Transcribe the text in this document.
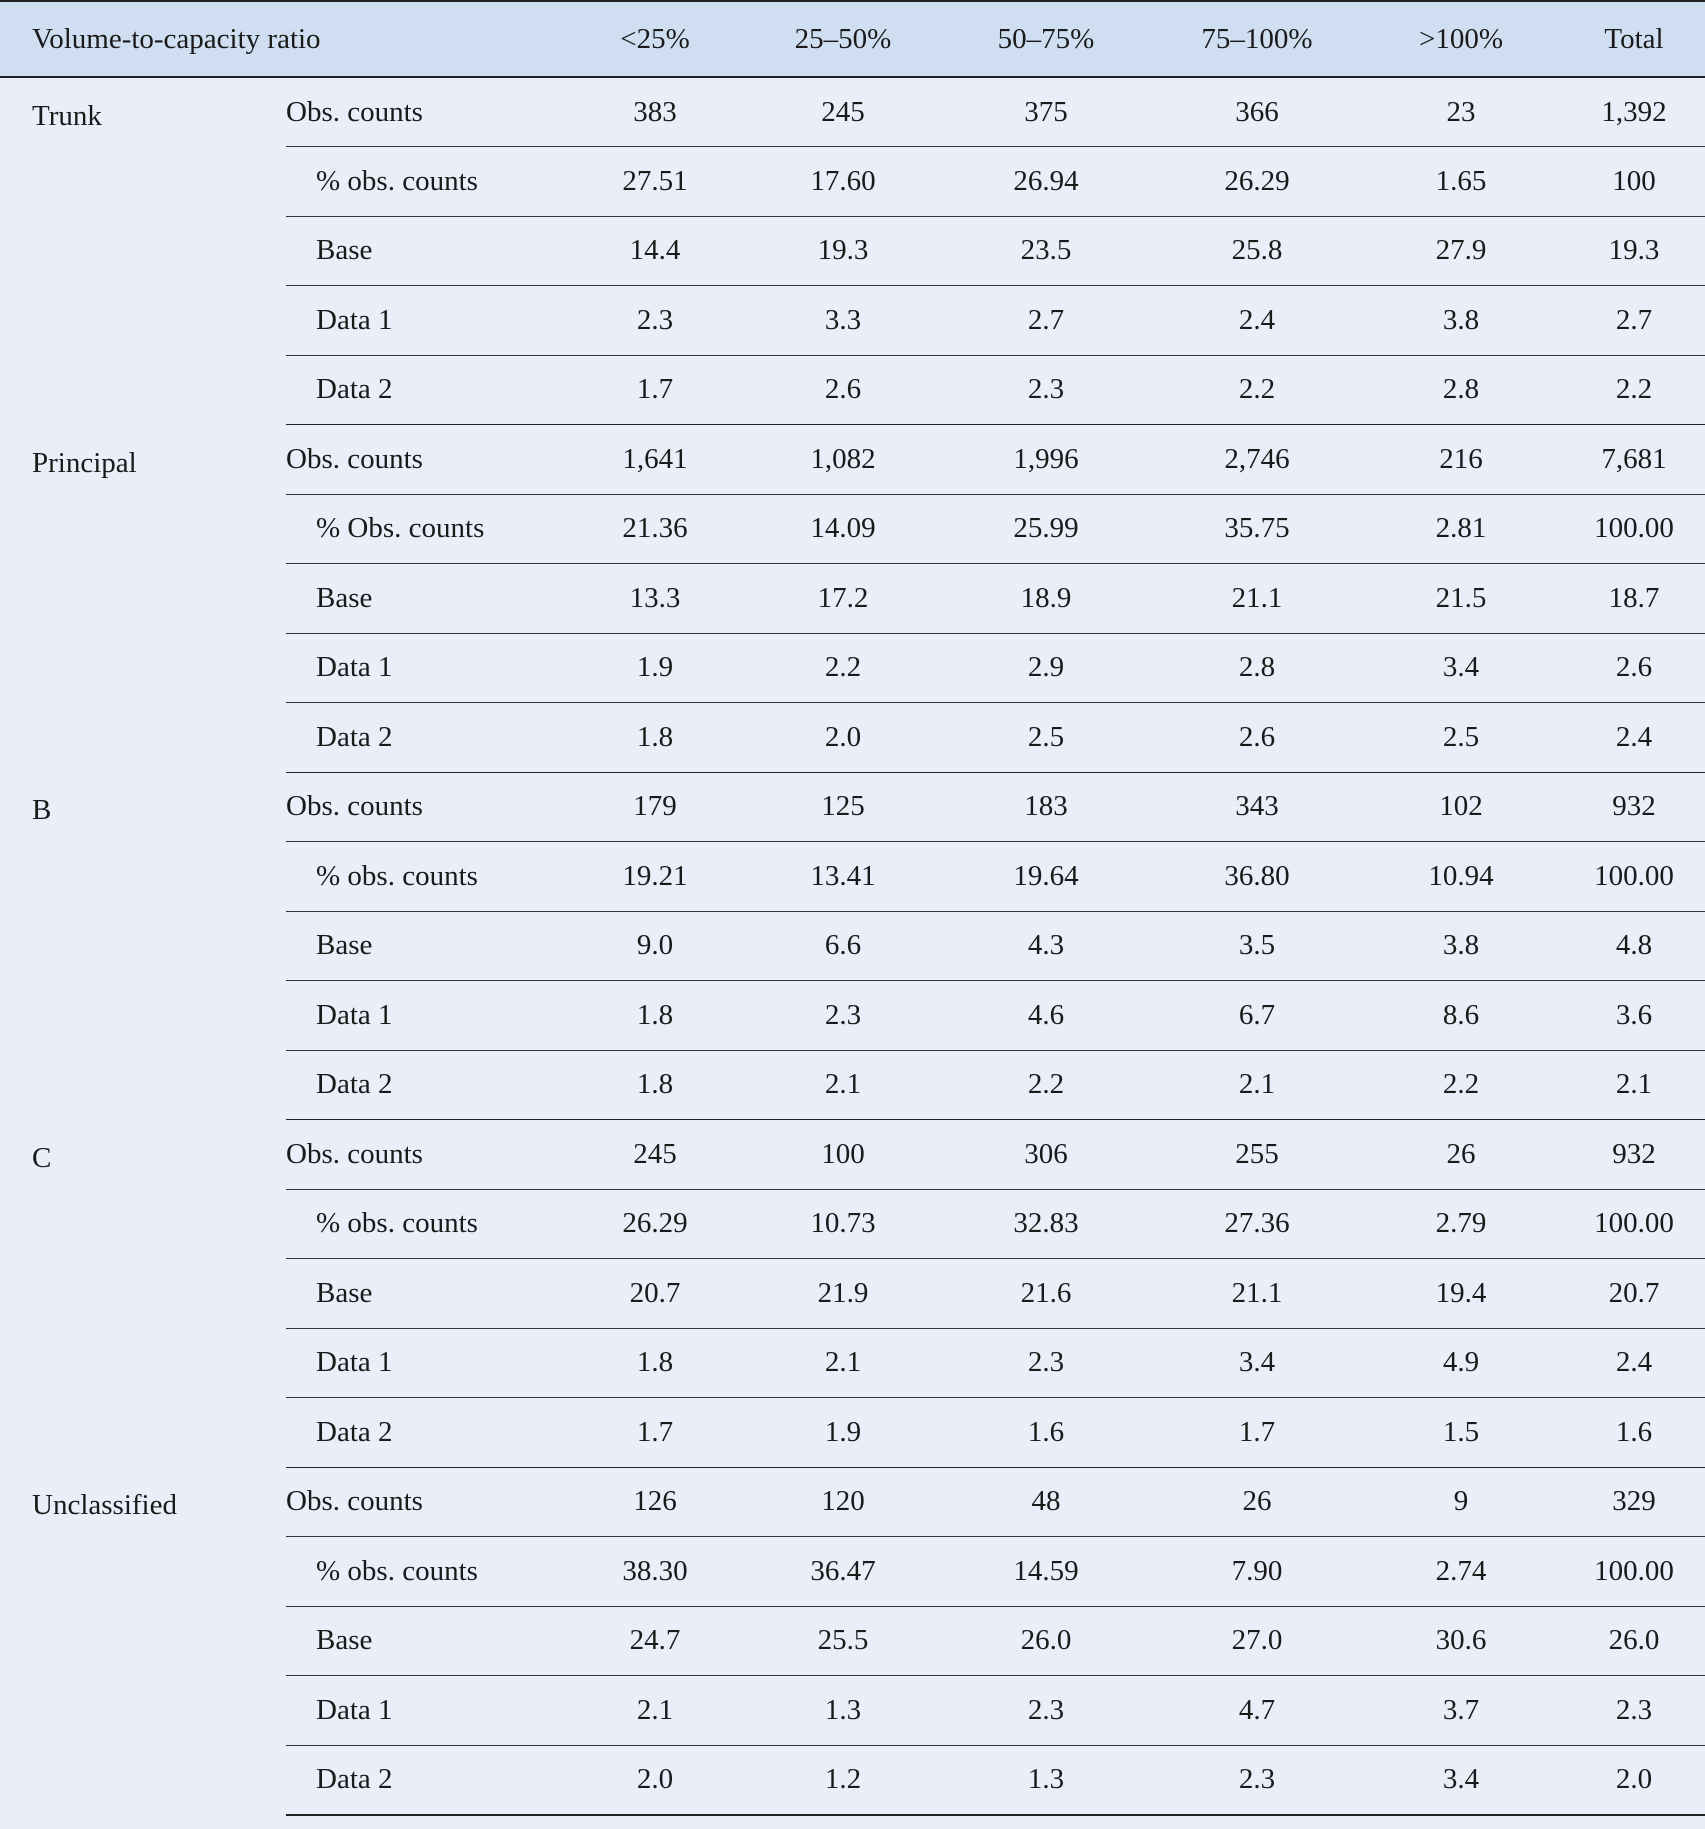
Volume-to-capacity ratio		<25%	25–50%	50–75%	75–100%	>100%	Total
Trunk	Obs. counts	383	245	375	366	23	1,392
	% obs. counts	27.51	17.60	26.94	26.29	1.65	100
	Base	14.4	19.3	23.5	25.8	27.9	19.3
	Data 1	2.3	3.3	2.7	2.4	3.8	2.7
	Data 2	1.7	2.6	2.3	2.2	2.8	2.2
Principal	Obs. counts	1,641	1,082	1,996	2,746	216	7,681
	% Obs. counts	21.36	14.09	25.99	35.75	2.81	100.00
	Base	13.3	17.2	18.9	21.1	21.5	18.7
	Data 1	1.9	2.2	2.9	2.8	3.4	2.6
	Data 2	1.8	2.0	2.5	2.6	2.5	2.4
B	Obs. counts	179	125	183	343	102	932
	% obs. counts	19.21	13.41	19.64	36.80	10.94	100.00
	Base	9.0	6.6	4.3	3.5	3.8	4.8
	Data 1	1.8	2.3	4.6	6.7	8.6	3.6
	Data 2	1.8	2.1	2.2	2.1	2.2	2.1
C	Obs. counts	245	100	306	255	26	932
	% obs. counts	26.29	10.73	32.83	27.36	2.79	100.00
	Base	20.7	21.9	21.6	21.1	19.4	20.7
	Data 1	1.8	2.1	2.3	3.4	4.9	2.4
	Data 2	1.7	1.9	1.6	1.7	1.5	1.6
Unclassified	Obs. counts	126	120	48	26	9	329
	% obs. counts	38.30	36.47	14.59	7.90	2.74	100.00
	Base	24.7	25.5	26.0	27.0	30.6	26.0
	Data 1	2.1	1.3	2.3	4.7	3.7	2.3
	Data 2	2.0	1.2	1.3	2.3	3.4	2.0
